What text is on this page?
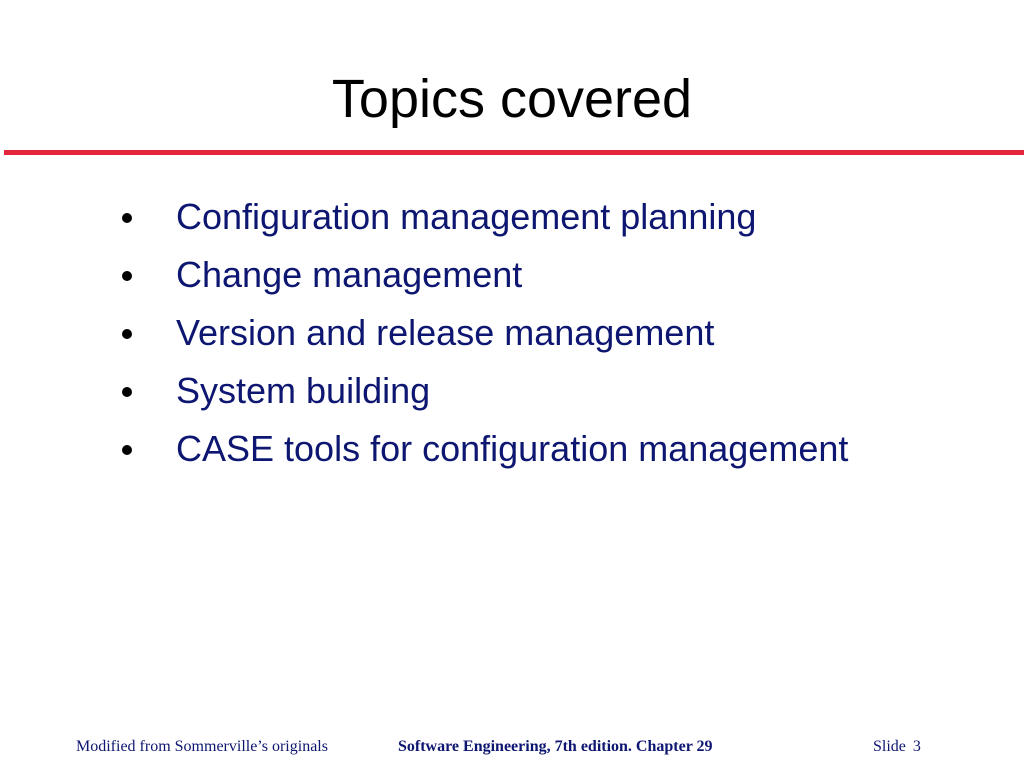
Topics covered
Configuration management planning
Change management
Version and release management
System building
CASE tools for configuration management
Modified from Sommerville’s originals	Software Engineering, 7th edition. Chapter 29	Slide 3
